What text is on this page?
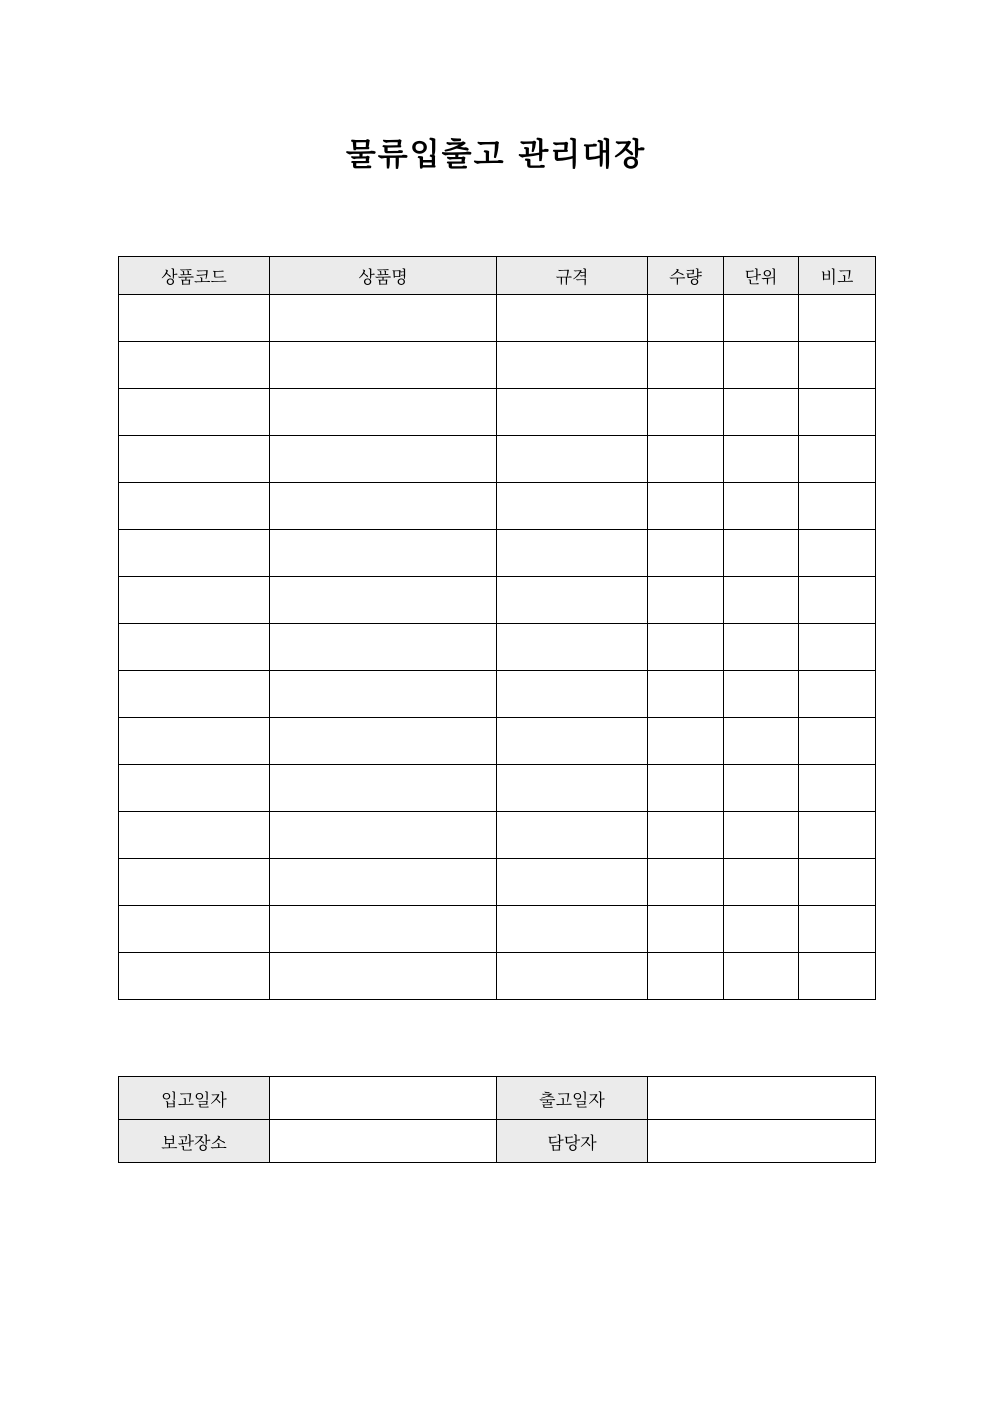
물류입출고 관리대장
상품코드	상품명	규격	수량	단위	비고

입고일자		출고일자	
보관장소		담당자	
